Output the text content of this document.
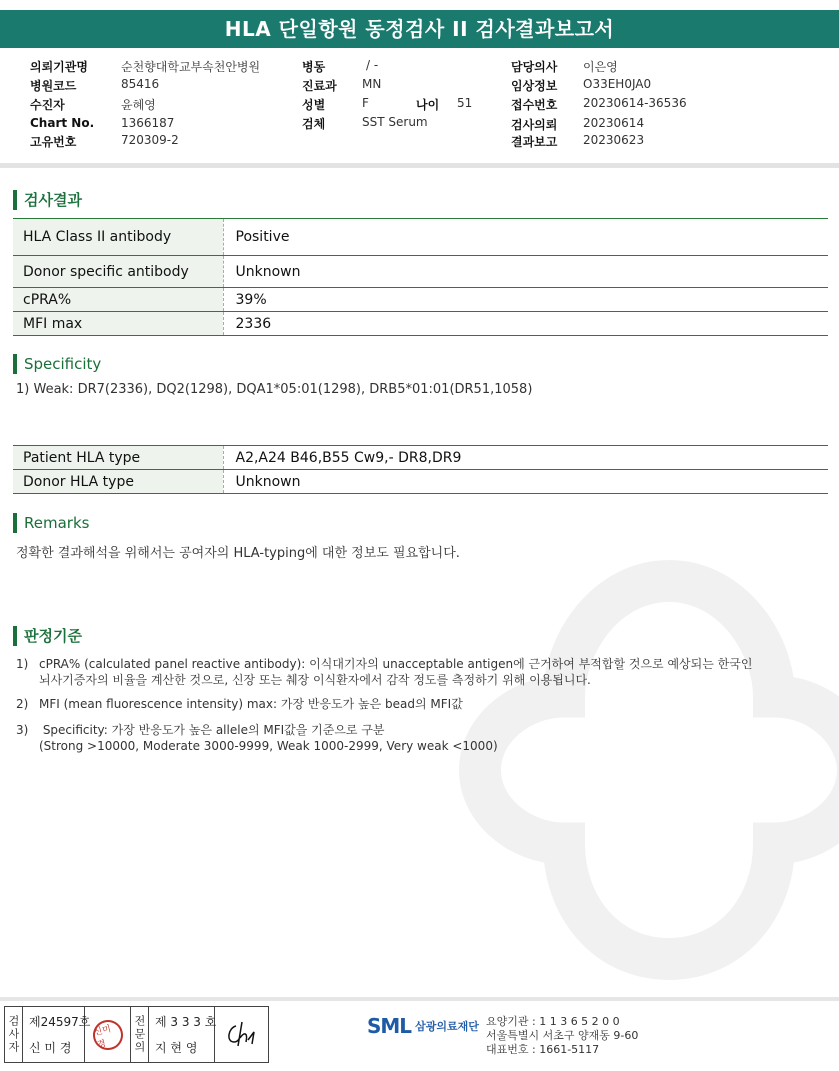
HLA 단일항원 동정검사 II 검사결과보고서
의뢰기관명	순천향대학교부속천안병원
병원코드	85416
수진자	윤혜영
Chart No. 1366187
고유번호	720309-2
병동	/ -
진료과 MN
성별	F	나이 51
검체	SST Serum
담당의사 이은영
임상정보 O33EH0JA0
접수번호 20230614-36536
검사의뢰 20230614
결과보고 20230623
검사결과
HLA Class II antibody	Positive
Donor specific antibody	Unknown
cPRA%	39%
MFI max	2336
Specificity
1) Weak: DR7(2336), DQ2(1298), DQA1*05:01(1298), DRB5*01:01(DR51,1058)
Patient HLA type	A2,A24 B46,B55 Cw9,- DR8,DR9
Donor HLA type	Unknown
Remarks
정확한 결과해석을 위해서는 공여자의 HLA-typing에 대한 정보도 필요합니다.
판정기준
1) cPRA% (calculated panel reactive antibody): 이식대기자의 unacceptable antigen에 근거하여 부적합할 것으로 예상되는 한국인
뇌사기증자의 비율을 계산한 것으로, 신장 또는 췌장 이식환자에서 감작 정도를 측정하기 위해 이용됩니다.
2) MFI (mean fluorescence intensity) max: 가장 반응도가 높은 bead의 MFI값
3) Specificity: 가장 반응도가 높은 allele의 MFI값을 기준으로 구분
(Strong >10000, Moderate 3000-9999, Weak 1000-2999, Very weak <1000)
검사자 제24597호
신 미 경
신미경	전문의 제 3 3 3 호
지 현 영
SML 삼광의료재단 요양기관 : 1 1 3 6 5 2 0 0
서울특별시 서초구 양재동 9-60
대표번호 : 1661-5117
